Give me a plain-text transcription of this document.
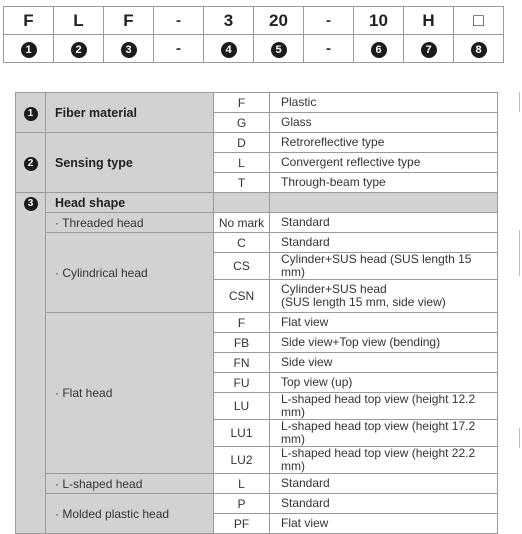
F	L	F	-	3	20	-	10	H	□
1	2	3	-	4	5	-	6	7	8
1	Fiber material	F	Plastic
		G	Glass
2	Sensing type	D	Retroreflective type
		L	Convergent reflective type
		T	Through-beam type
3	Head shape		
	· Threaded head	No mark	Standard
	· Cylindrical head	C	Standard
		CS	Cylinder+SUS head (SUS length 15 mm)
		CSN	Cylinder+SUS head
(SUS length 15 mm, side view)

	· Flat head	F	Flat view
		FB	Side view+Top view (bending)
		FN	Side view
		FU	Top view (up)
		LU	L-shaped head top view (height 12.2 mm)
		LU1	L-shaped head top view (height 17.2 mm)
		LU2	L-shaped head top view (height 22.2 mm)
	· L-shaped head	L	Standard
	· Molded plastic head	P	Standard
		PF	Flat view
